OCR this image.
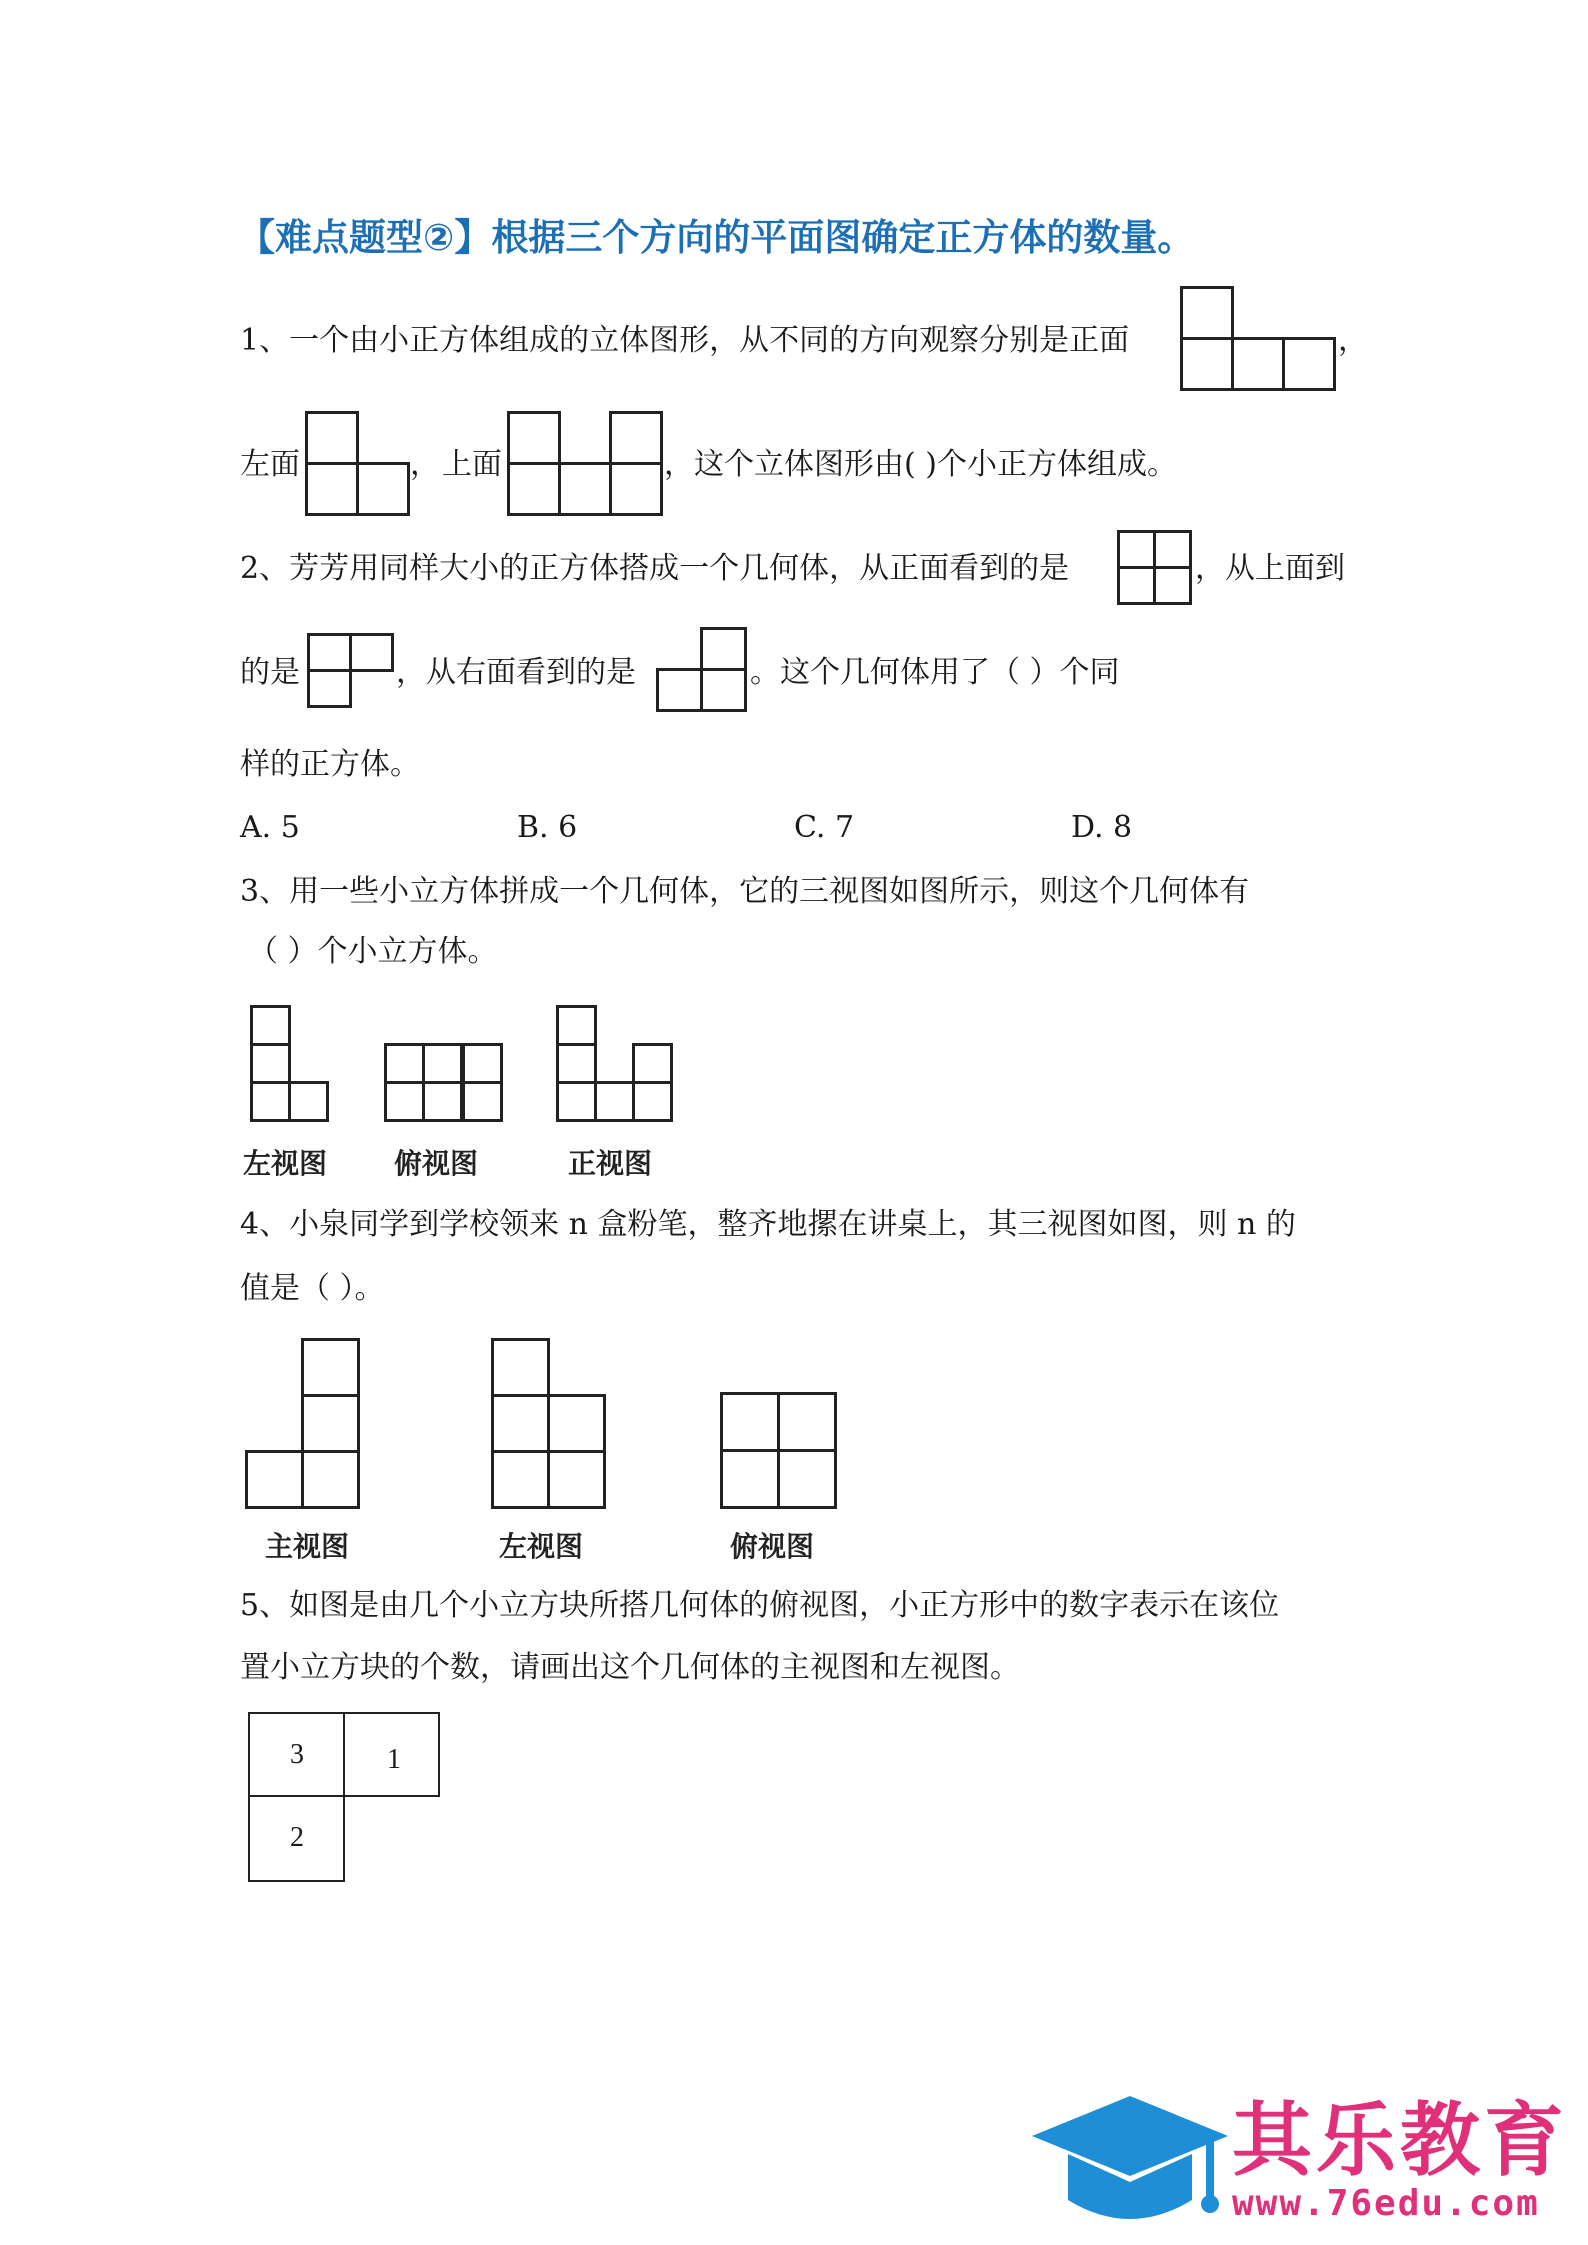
【难点题型②】根据三个方向的平面图确定正方体的数量。
1、一个由小正方体组成的立体图形，从不同的方向观察分别是正面	，
左面	， 上面	，这个立体图形由( )个小正方体组成。
2、芳芳用同样大小的正方体搭成一个几何体，从正面看到的是	，从上面到
的是	，从右面看到的是	。这个几何体用了（ ）个同
样的正方体。
A. 5	B. 6	C. 7	D. 8
3、用一些小立方体拼成一个几何体，它的三视图如图所示，则这个几何体有
（ ）个小立方体。
左视图 俯视图	正视图
4、小泉同学到学校领来 n 盒粉笔，整齐地摞在讲桌上，其三视图如图，则 n 的
值是（ ）。
主视图	左视图	俯视图
5、如图是由几个小立方块所搭几何体的俯视图，小正方形中的数字表示在该位
置小立方块的个数，请画出这个几何体的主视图和左视图。
3	1
2
其乐教育
www.76edu.com
